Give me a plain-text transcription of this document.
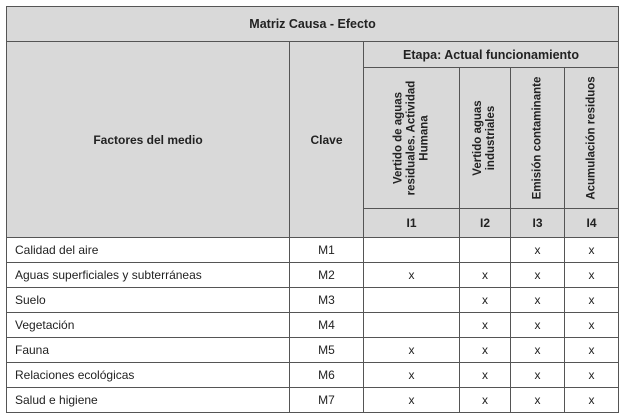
Matriz Causa - Efecto					
Factores del medio	Clave	Etapa: Actual funcionamiento			

		Vertido de aguas residuales. Actividad Humana	Vertido aguas industriales	Emisión contaminante	Acumulación residuos

		I1	I2	I3	I4
Calidad del aire	M1			x	x
Aguas superficiales y subterráneas	M2	x	x	x	x
Suelo	M3		x	x	x
Vegetación	M4		x	x	x
Fauna	M5	x	x	x	x
Relaciones ecológicas	M6	x	x	x	x
Salud e higiene	M7	x	x	x	x
